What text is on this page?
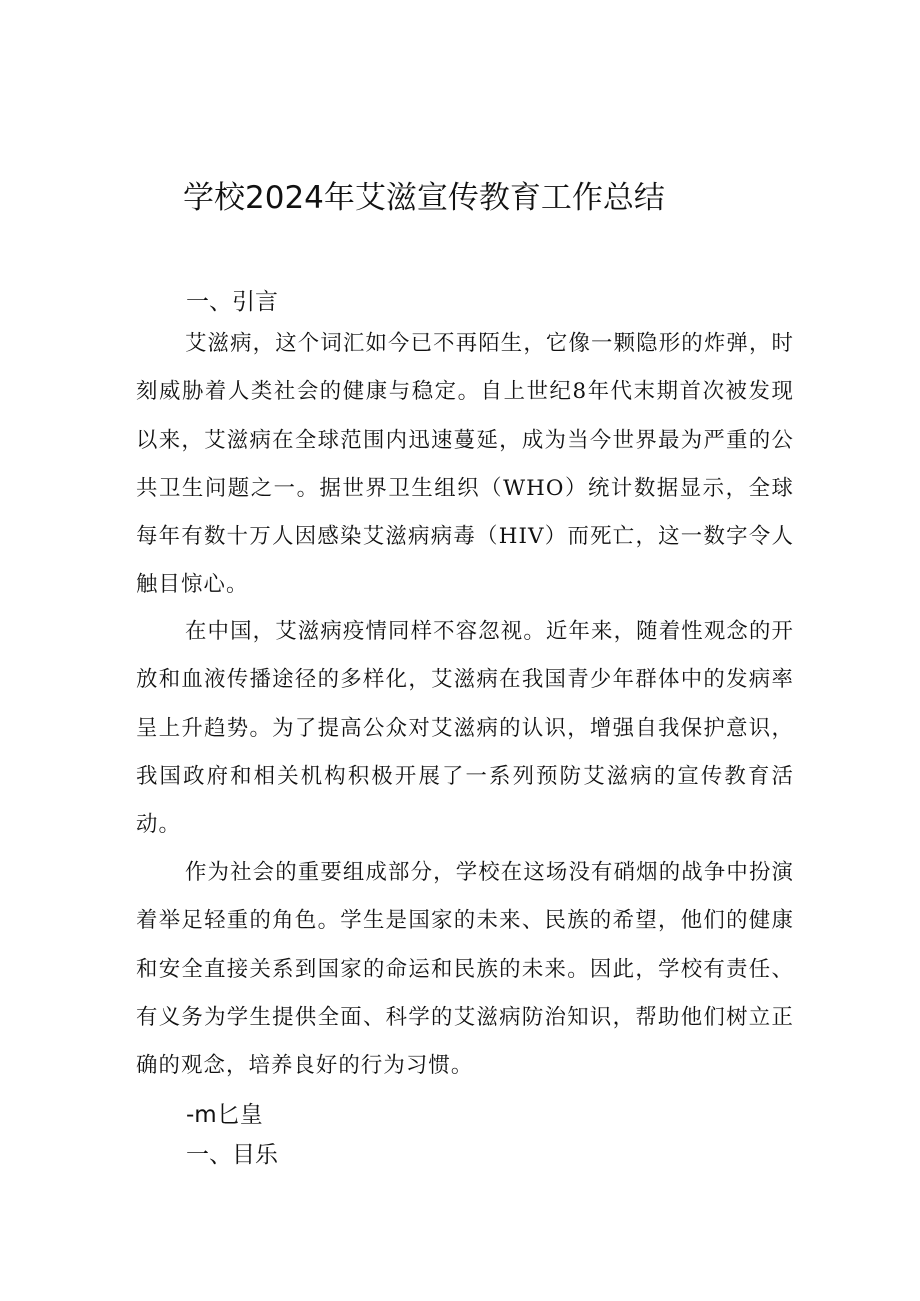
学校2024年艾滋宣传教育工作总结
一、引言

艾滋病，这个词汇如今已不再陌生，它像一颗隐形的炸弹，时刻威胁着人类社会的健康与稳定。自上世纪8年代末期首次被发现以来，艾滋病在全球范围内迅速蔓延，成为当今世界最为严重的公共卫生问题之一。据世界卫生组织（WHO）统计数据显示，全球每年有数十万人因感染艾滋病病毒（HIV）而死亡，这一数字令人触目惊心。

在中国，艾滋病疫情同样不容忽视。近年来，随着性观念的开放和血液传播途径的多样化，艾滋病在我国青少年群体中的发病率呈上升趋势。为了提高公众对艾滋病的认识，增强自我保护意识，我国政府和相关机构积极开展了一系列预防艾滋病的宣传教育活动。

作为社会的重要组成部分，学校在这场没有硝烟的战争中扮演着举足轻重的角色。学生是国家的未来、民族的希望，他们的健康和安全直接关系到国家的命运和民族的未来。因此，学校有责任、有义务为学生提供全面、科学的艾滋病防治知识，帮助他们树立正确的观念，培养良好的行为习惯。

-m匕皇
一、目乐
